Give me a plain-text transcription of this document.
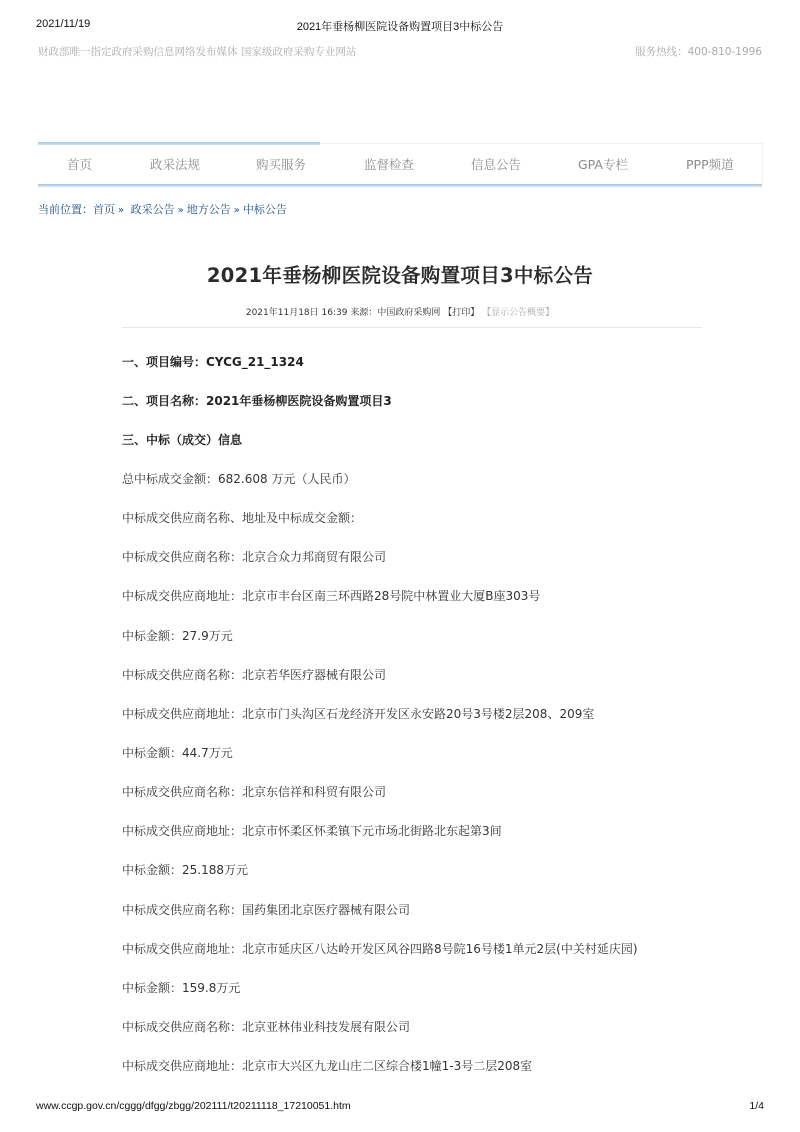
2021/11/19	2021年垂杨柳医院设备购置项目3中标公告
财政部唯一指定政府采购信息网络发布媒体 国家级政府采购专业网站	服务热线：400-810-1996
首页	政采法规	购买服务	监督检查	信息公告	GPA专栏	PPP频道
当前位置：首页 » 政采公告 » 地方公告 » 中标公告
2021年垂杨柳医院设备购置项目3中标公告
2021年11月18日 16:39 来源：中国政府采购网 【打印】 【显示公告概要】
一、项目编号：CYCG_21_1324
二、项目名称：2021年垂杨柳医院设备购置项目3
三、中标（成交）信息
总中标成交金额：682.608 万元（人民币）
中标成交供应商名称、地址及中标成交金额：
中标成交供应商名称：北京合众力邦商贸有限公司
中标成交供应商地址：北京市丰台区南三环西路28号院中林置业大厦B座303号
中标金额：27.9万元
中标成交供应商名称：北京若华医疗器械有限公司
中标成交供应商地址：北京市门头沟区石龙经济开发区永安路20号3号楼2层208、209室
中标金额：44.7万元
中标成交供应商名称：北京东信祥和科贸有限公司
中标成交供应商地址：北京市怀柔区怀柔镇下元市场北街路北东起第3间
中标金额：25.188万元
中标成交供应商名称：国药集团北京医疗器械有限公司
中标成交供应商地址：北京市延庆区八达岭开发区风谷四路8号院16号楼1单元2层(中关村延庆园)
中标金额：159.8万元
中标成交供应商名称：北京亚林伟业科技发展有限公司
中标成交供应商地址：北京市大兴区九龙山庄二区综合楼1幢1-3号二层208室
www.ccgp.gov.cn/cggg/dfgg/zbgg/202111/t20211118_17210051.htm	1/4
